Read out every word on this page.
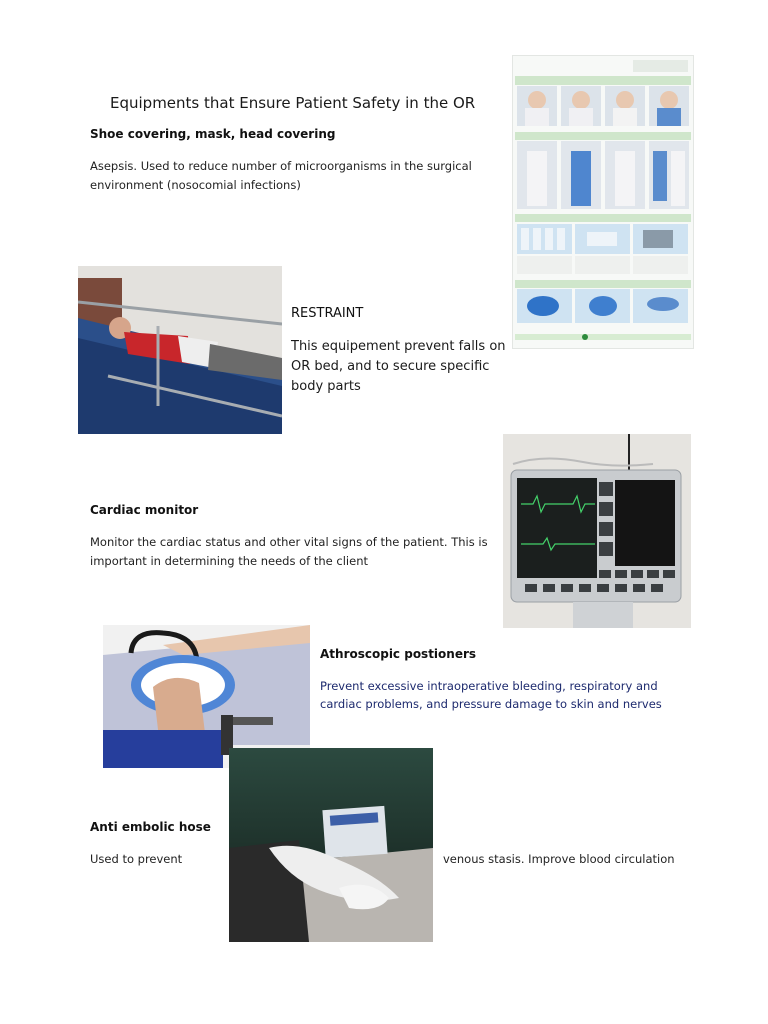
Equipments that Ensure Patient Safety in the OR
Shoe covering, mask, head covering
Asepsis. Used to reduce number of microorganisms in the surgical
environment (nosocomial infections)
RESTRAINT
This equipement prevent falls on
OR bed, and to secure specific
body parts
Cardiac monitor
Monitor the cardiac status and other vital signs of the patient. This is
important in determining the needs of the client
Athroscopic postioners
Prevent excessive intraoperative bleeding, respiratory and
cardiac problems, and pressure damage to skin and nerves
Anti embolic hose
Used to prevent	venous stasis. Improve blood circulation
